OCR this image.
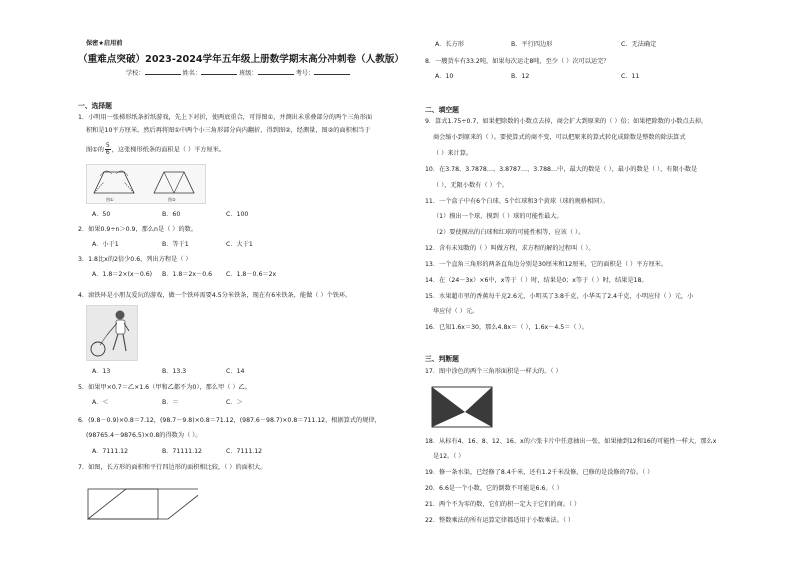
保密★启用前
（重难点突破）2023-2024学年五年级上册数学期末高分冲刺卷（人教版）
学校：	姓名：	班级：	考号：
一、选择题
1．小明用一张梯形纸条折纸游戏，先上下对折，使两底重合，可得图①，并测出未重叠部分的两个三角形面
积和是10平方厘米。然后再将图①中两个小三角形部分向内翻折，得到图②，经测量，图②的面积相当于
图①的 $\frac{5}{6}$ ，这张梯形纸条的面积是（ ）平方厘米。
图①	图②
A．50	B．60	C．100
2．如果0.9÷n＞0.9，那么n是（ ）的数。
A．小于1	B．等于1	C．大于1
3．1.8比x的2倍少0.6，列出方程是（ ）
A．1.8＝2×(x－0.6) B．1.8＝2x－0.6 C．1.8－0.6＝2x
4．滚铁环是小朋友爱玩的游戏，做一个铁环需要4.5分米铁条，现在有6米铁条，能做（ ）个铁环。
A．13	B．13.3	C．14
5．如果甲×0.7＝乙×1.6（甲和乙都不为0），那么甲（ ）乙。
A．＜	B．＝	C．＞
6．(9.8－0.9)×0.8＝7.12，(98.7－9.8)×0.8＝71.12，(987.6－98.7)×0.8＝711.12，根据算式的规律，
(98765.4－9876.5)×0.8的得数为（ ）。
A．7111.12	B．71111.12	C．7111.12
7．如图，长方形的面积和平行四边形的面积相比较，（ ）的面积大。
A．长方形	B．平行四边形	C．无法确定
8．一艘货车有33.2吨，如果每次运走8吨，至少（ ）次可以运完？
A．10	B．12	C．11
二、填空题
9．算式1.75÷0.7，如果把除数的小数点去掉，商会扩大到原来的（ ）倍；如果把除数的小数点去掉，
商会缩小到原来的（ ）。要使算式的商不变，可以把原来的算式转化成除数是整数的除法算式
（ ）来计算。
10．在3.78、3.7878…、3.8787…、3.788…中，最大的数是（ ），最小的数是（ ），有限小数是
（ ），无限小数有（ ）个。
11．一个盒子中有6个白球、5个红球和3个黄球（球的规格相同）。
（1）摸出一个球，摸到（ ）球的可能性最大。
（2）要使摸出的白球和红球的可能性相等，应该（ ）。
12．含有未知数的（ ）叫做方程，求方程的解的过程叫（ ）。
13．一个直角三角形的两条直角边分别是30厘米和12厘米，它的面积是（ ）平方厘米。
14．在（24－3x）×6中，x等于（ ）时，结果是0；x等于（ ）时，结果是18。
15．水果超市里的香蕉每千克2.6元，小明买了3.8千克，小华买了2.4千克，小明应付（ ）元，小
华应付（ ）元。
16．已知1.6x＝30，那么4.8x＝（ ），1.6x－4.5＝（ ）。
三、判断题
17．图中涂色的两个三角形面积是一样大的。（ ）
18．从标有4、16、8、12、16、x的六张卡片中任意抽出一张，如果抽到12和16的可能性一样大，那么x
是12。（ ）
19．修一条水渠，已经修了8.4千米，还有1.2千米没修，已修的是没修的7倍。（ ）
20．6.6是一个小数，它的倒数不可能是6.6。（ ）
21．两个不为零的数，它们的积一定大于它们的商。（ ）
22．整数乘法的所有运算定律都适用于小数乘法。（ ）
